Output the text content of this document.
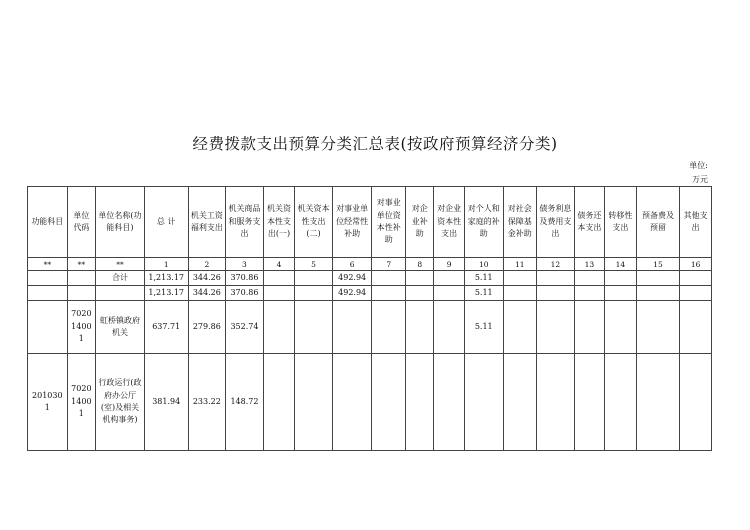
经费拨款支出预算分类汇总表(按政府预算经济分类)
单位:
万元
功能科目	单位代码	单位名称(功能科目)	总 计	机关工资福利支出	机关商品和服务支出	机关资本性支出(一)	机关资本性支出(二)	对事业单位经常性补助	对事业单位资本性补助	对企业补助	对企业资本性支出	对个人和家庭的补助	对社会保障基金补助	债务利息及费用支出	债务还本支出	转移性支出	预备费及预留	其他支出
**	**	**	1	2	3	4	5	6	7	8	9	10	11	12	13	14	15	16
		合计	1,213.17	344.26	370.86			492.94				5.11						
			1,213.17	344.26	370.86			492.94				5.11						
	70201400 1	虹桥镇政府机关	637.71	279.86	352.74							5.11						
2010301	70201400 1	行政运行(政府办公厅(室)及相关机构事务)	381.94	233.22	148.72													
